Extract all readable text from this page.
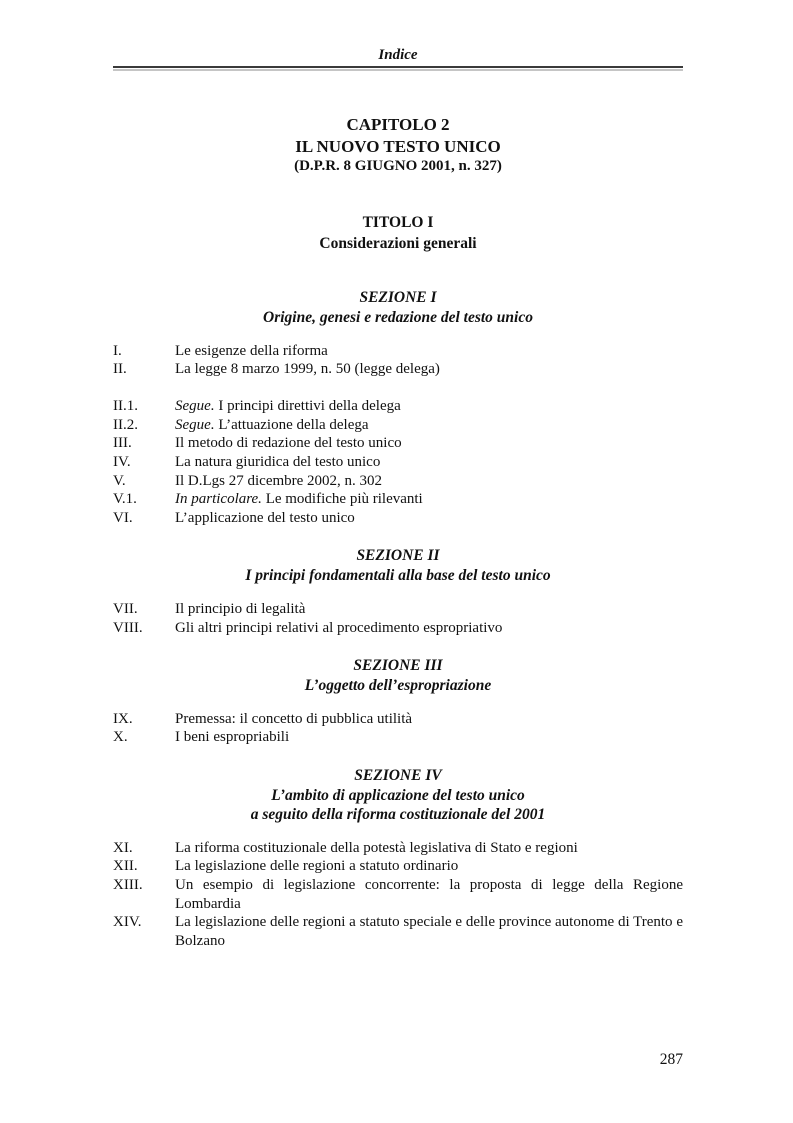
Indice
CAPITOLO 2
IL NUOVO TESTO UNICO
(D.P.R. 8 GIUGNO 2001, n. 327)
TITOLO I
Considerazioni generali
SEZIONE I
Origine, genesi e redazione del testo unico
I.	Le esigenze della riforma
II.	La legge 8 marzo 1999, n. 50 (legge delega)
II.1.	Segue. I principi direttivi della delega
II.2.	Segue. L’attuazione della delega
III.	Il metodo di redazione del testo unico
IV.	La natura giuridica del testo unico
V.	Il D.Lgs 27 dicembre 2002, n. 302
V.1.	In particolare. Le modifiche più rilevanti
VI.	L’applicazione del testo unico
SEZIONE II
I principi fondamentali alla base del testo unico
VII.	Il principio di legalità
VIII.	Gli altri principi relativi al procedimento espropriativo
SEZIONE III
L’oggetto dell’espropriazione
IX.	Premessa: il concetto di pubblica utilità
X.	I beni espropriabili
SEZIONE IV
L’ambito di applicazione del testo unico
a seguito della riforma costituzionale del 2001
XI.	La riforma costituzionale della potestà legislativa di Stato e regioni
XII.	La legislazione delle regioni a statuto ordinario
XIII.	Un esempio di legislazione concorrente: la proposta di legge della Regione Lombardia
XIV.	La legislazione delle regioni a statuto speciale e delle province autonome di Trento e Bolzano
287
